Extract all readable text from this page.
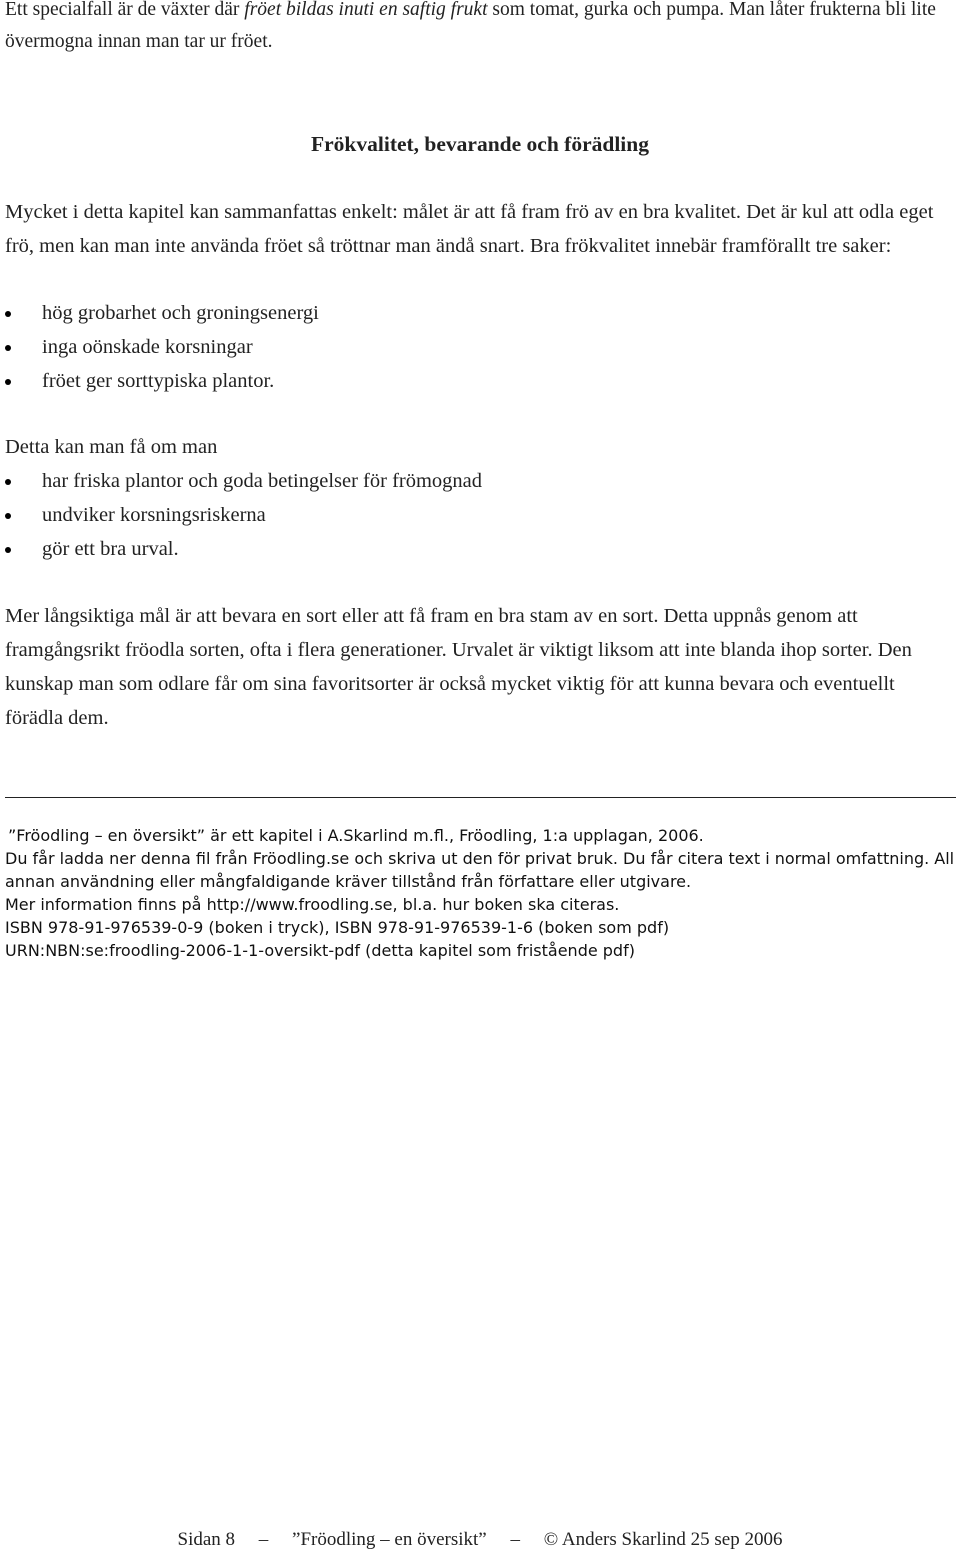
Ett specialfall är de växter där fröet bildas inuti en saftig frukt som tomat, gurka och pumpa. Man låter frukterna bli lite övermogna innan man tar ur fröet.

Frökvalitet, bevarande och förädling

Mycket i detta kapitel kan sammanfattas enkelt: målet är att få fram frö av en bra kvalitet. Det är kul att odla eget frö, men kan man inte använda fröet så tröttnar man ändå snart. Bra frökvalitet innebär framförallt tre saker:

hög grobarhet och groningsenergi
inga oönskade korsningar
fröet ger sorttypiska plantor.

Detta kan man få om man

har friska plantor och goda betingelser för frömognad
undviker korsningsriskerna
gör ett bra urval.

Mer långsiktiga mål är att bevara en sort eller att få fram en bra stam av en sort. Detta uppnås genom att framgångsrikt fröodla sorten, ofta i flera generationer. Urvalet är viktigt liksom att inte blanda ihop sorter. Den kunskap man som odlare får om sina favoritsorter är också mycket viktig för att kunna bevara och eventuellt förädla dem.

”Fröodling – en översikt” är ett kapitel i A.Skarlind m.fl., Fröodling, 1:a upplagan, 2006.
Du får ladda ner denna fil från Fröodling.se och skriva ut den för privat bruk. Du får citera text i normal omfattning. All annan användning eller mångfaldigande kräver tillstånd från författare eller utgivare.
Mer information finns på http://www.froodling.se, bl.a. hur boken ska citeras.
ISBN 978-91-976539-0-9 (boken i tryck), ISBN 978-91-976539-1-6 (boken som pdf)
URN:NBN:se:froodling-2006-1-1-oversikt-pdf (detta kapitel som fristående pdf)

Sidan 8 – ”Fröodling – en översikt” – © Anders Skarlind 25 sep 2006
